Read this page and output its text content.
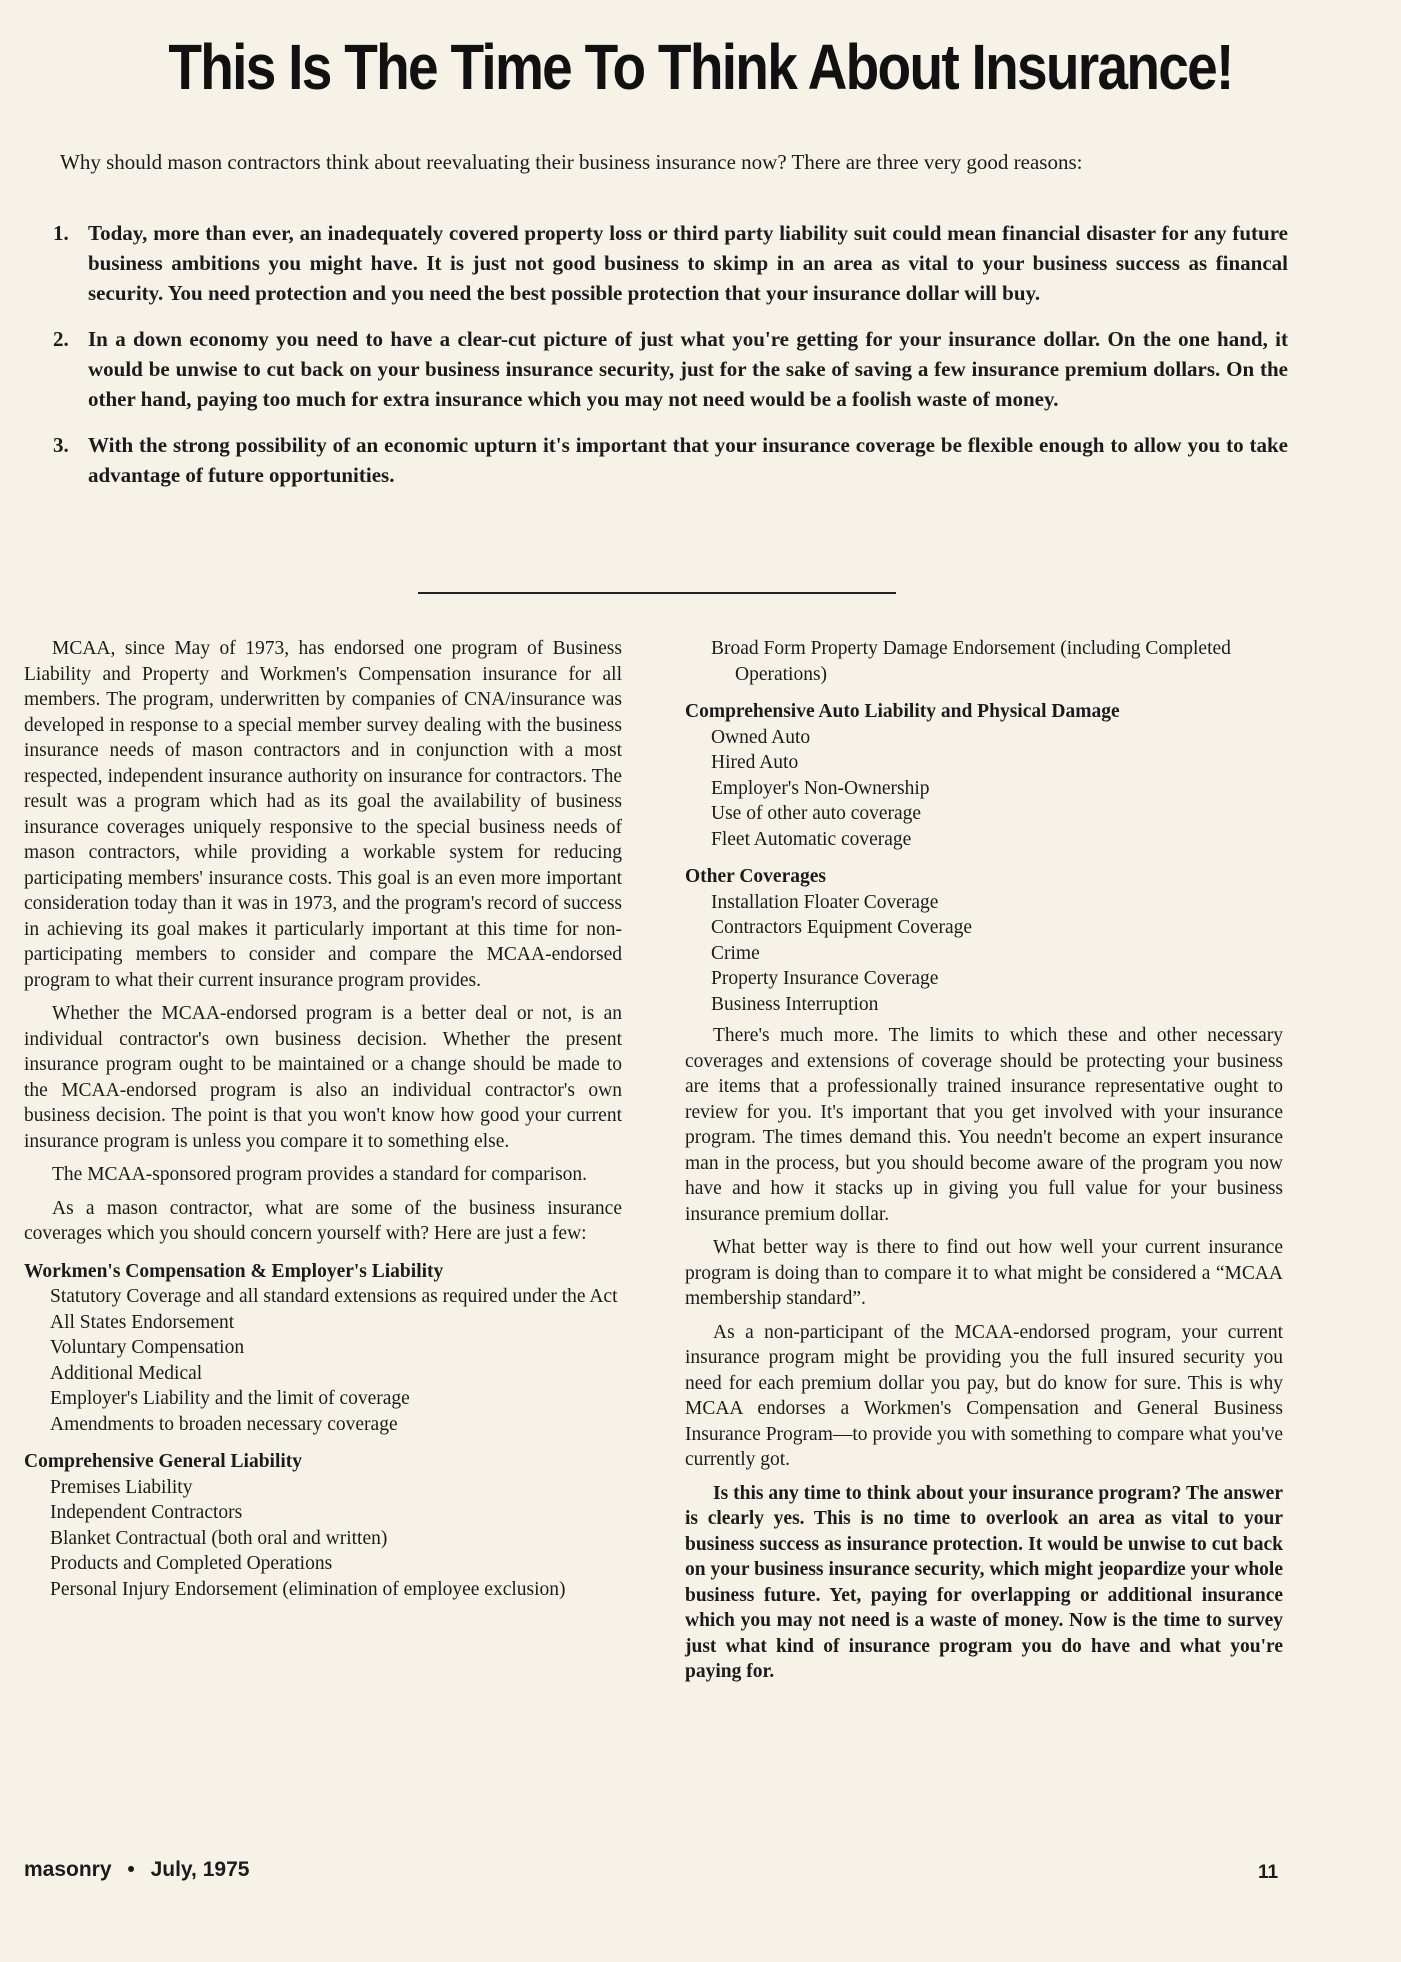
This Is The Time To Think About Insurance!

Why should mason contractors think about reevaluating their business insurance now? There are three very good reasons:

1. Today, more than ever, an inadequately covered property loss or third party liability suit could mean financial disaster for any future business ambitions you might have. It is just not good business to skimp in an area as vital to your business success as financal security. You need protection and you need the best possible protection that your insurance dollar will buy.
2. In a down economy you need to have a clear-cut picture of just what you're getting for your insurance dollar. On the one hand, it would be unwise to cut back on your business insurance security, just for the sake of saving a few insurance premium dollars. On the other hand, paying too much for extra insurance which you may not need would be a foolish waste of money.
3. With the strong possibility of an economic upturn it's important that your insurance coverage be flexible enough to allow you to take advantage of future opportunities.

MCAA, since May of 1973, has endorsed one program of Business Liability and Property and Workmen's Compensation insurance for all members. The program, underwritten by companies of CNA/insurance was developed in response to a special member survey dealing with the business insurance needs of mason contractors and in conjunction with a most respected, independent insurance authority on insurance for contractors. The result was a program which had as its goal the availability of business insurance coverages uniquely responsive to the special business needs of mason contractors, while providing a workable system for reducing participating members' insurance costs. This goal is an even more important consideration today than it was in 1973, and the program's record of success in achieving its goal makes it particularly important at this time for non-participating members to consider and compare the MCAA-endorsed program to what their current insurance program provides.

Whether the MCAA-endorsed program is a better deal or not, is an individual contractor's own business decision. Whether the present insurance program ought to be maintained or a change should be made to the MCAA-endorsed program is also an individual contractor's own business decision. The point is that you won't know how good your current insurance program is unless you compare it to something else.

The MCAA-sponsored program provides a standard for comparison.

As a mason contractor, what are some of the business insurance coverages which you should concern yourself with? Here are just a few:

Workmen's Compensation & Employer's Liability
Statutory Coverage and all standard extensions as required under the Act
All States Endorsement
Voluntary Compensation
Additional Medical
Employer's Liability and the limit of coverage
Amendments to broaden necessary coverage
Comprehensive General Liability
Premises Liability
Independent Contractors
Blanket Contractual (both oral and written)
Products and Completed Operations
Personal Injury Endorsement (elimination of employee exclusion)
Broad Form Property Damage Endorsement (including Completed Operations)
Comprehensive Auto Liability and Physical Damage
Owned Auto
Hired Auto
Employer's Non-Ownership
Use of other auto coverage
Fleet Automatic coverage
Other Coverages
Installation Floater Coverage
Contractors Equipment Coverage
Crime
Property Insurance Coverage
Business Interruption

There's much more. The limits to which these and other necessary coverages and extensions of coverage should be protecting your business are items that a professionally trained insurance representative ought to review for you. It's important that you get involved with your insurance program. The times demand this. You needn't become an expert insurance man in the process, but you should become aware of the program you now have and how it stacks up in giving you full value for your business insurance premium dollar.

What better way is there to find out how well your current insurance program is doing than to compare it to what might be considered a “MCAA membership standard”.

As a non-participant of the MCAA-endorsed program, your current insurance program might be providing you the full insured security you need for each premium dollar you pay, but do know for sure. This is why MCAA endorses a Workmen's Compensation and General Business Insurance Program—to provide you with something to compare what you've currently got.

Is this any time to think about your insurance program? The answer is clearly yes. This is no time to overlook an area as vital to your business success as insurance protection. It would be unwise to cut back on your business insurance security, which might jeopardize your whole business future. Yet, paying for overlapping or additional insurance which you may not need is a waste of money. Now is the time to survey just what kind of insurance program you do have and what you're paying for.

masonry • July, 1975	11
